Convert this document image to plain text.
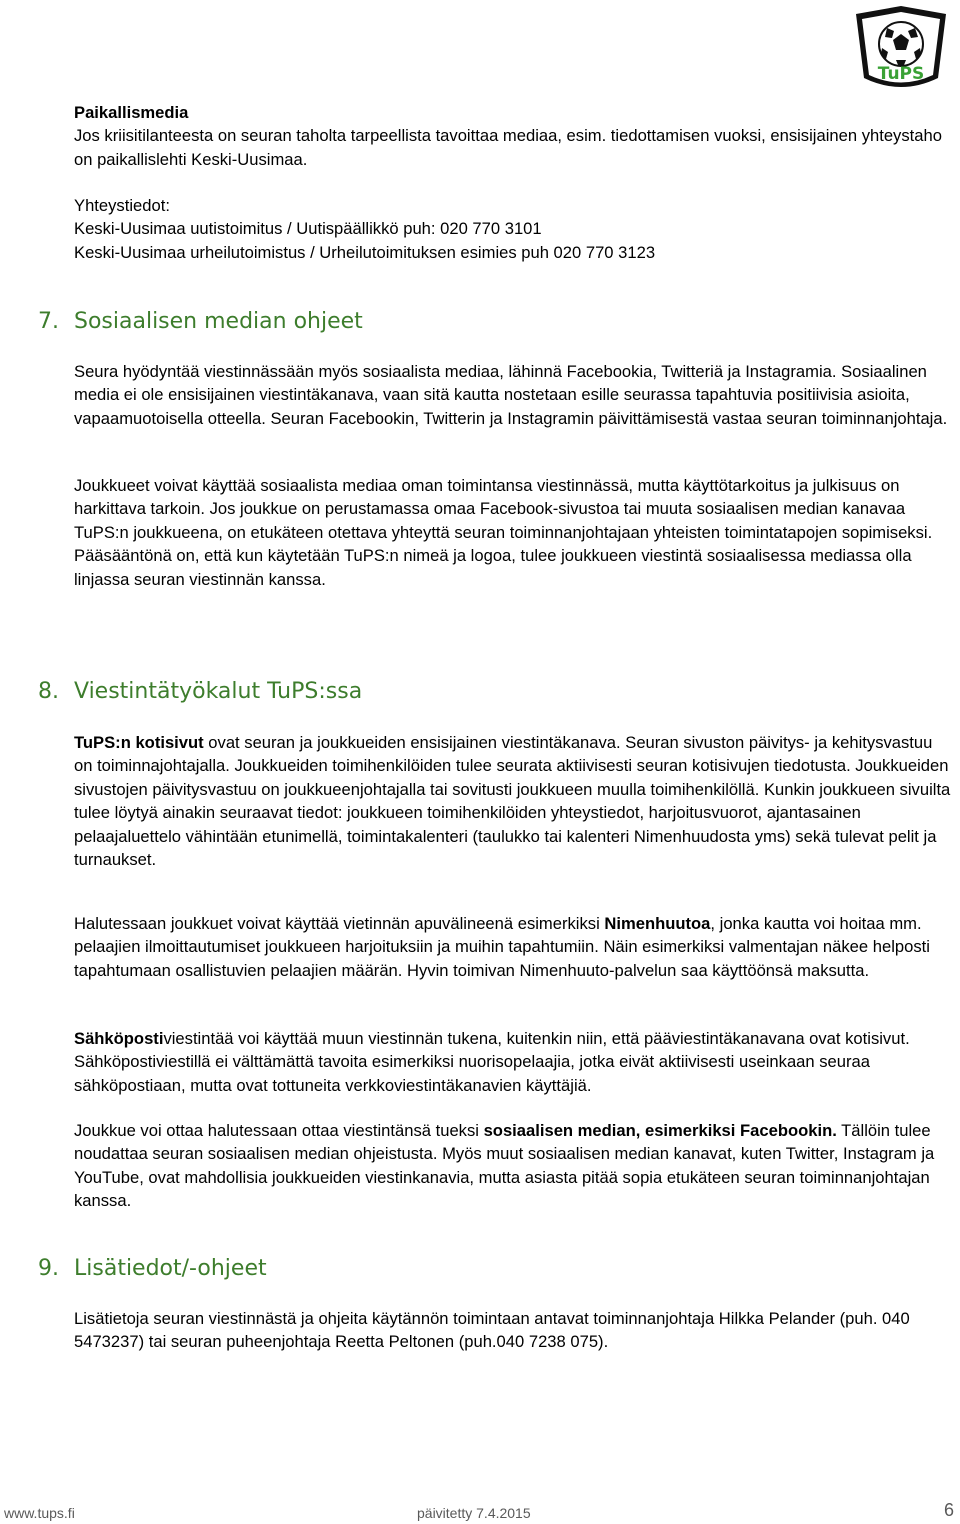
TuPS

Paikallismedia

Jos kriisitilanteesta on seuran taholta tarpeellista tavoittaa mediaa, esim. tiedottamisen vuoksi, ensisijainen yhteystaho on paikallislehti Keski-Uusimaa.

Yhteystiedot:

Keski-Uusimaa uutistoimitus / Uutispäällikkö puh: 020 770 3101

Keski-Uusimaa urheilutoimistus / Urheilutoimituksen esimies puh 020 770 3123

7. Sosiaalisen median ohjeet

Seura hyödyntää viestinnässään myös sosiaalista mediaa, lähinnä Facebookia, Twitteriä ja Instagramia. Sosiaalinen media ei ole ensisijainen viestintäkanava, vaan sitä kautta nostetaan esille seurassa tapahtuvia positiivisia asioita, vapaamuotoisella otteella. Seuran Facebookin, Twitterin ja Instagramin päivittämisestä vastaa seuran toiminnanjohtaja.

Joukkueet voivat käyttää sosiaalista mediaa oman toimintansa viestinnässä, mutta käyttötarkoitus ja julkisuus on harkittava tarkoin. Jos joukkue on perustamassa omaa Facebook-sivustoa tai muuta sosiaalisen median kanavaa TuPS:n joukkueena, on etukäteen otettava yhteyttä seuran toiminnanjohtajaan yhteisten toimintatapojen sopimiseksi. Pääsääntönä on, että kun käytetään TuPS:n nimeä ja logoa, tulee joukkueen viestintä sosiaalisessa mediassa olla linjassa seuran viestinnän kanssa.

8. Viestintätyökalut TuPS:ssa

TuPS:n kotisivut ovat seuran ja joukkueiden ensisijainen viestintäkanava. Seuran sivuston päivitys- ja kehitysvastuu on toiminnajohtajalla. Joukkueiden toimihenkilöiden tulee seurata aktiivisesti seuran kotisivujen tiedotusta. Joukkueiden sivustojen päivitysvastuu on joukkueenjohtajalla tai sovitusti joukkueen muulla toimihenkilöllä. Kunkin joukkueen sivuilta tulee löytyä ainakin seuraavat tiedot: joukkueen toimihenkilöiden yhteystiedot, harjoitusvuorot, ajantasainen pelaajaluettelo vähintään etunimellä, toimintakalenteri (taulukko tai kalenteri Nimenhuudosta yms) sekä tulevat pelit ja turnaukset.

Halutessaan joukkuet voivat käyttää vietinnän apuvälineenä esimerkiksi Nimenhuutoa, jonka kautta voi hoitaa mm. pelaajien ilmoittautumiset joukkueen harjoituksiin ja muihin tapahtumiin. Näin esimerkiksi valmentajan näkee helposti tapahtumaan osallistuvien pelaajien määrän. Hyvin toimivan Nimenhuuto-palvelun saa käyttöönsä maksutta.

Sähköpostiviestintää voi käyttää muun viestinnän tukena, kuitenkin niin, että pääviestintäkanavana ovat kotisivut. Sähköpostiviestillä ei välttämättä tavoita esimerkiksi nuorisopelaajia, jotka eivät aktiivisesti useinkaan seuraa sähköpostiaan, mutta ovat tottuneita verkkoviestintäkanavien käyttäjiä.

Joukkue voi ottaa halutessaan ottaa viestintänsä tueksi sosiaalisen median, esimerkiksi Facebookin. Tällöin tulee noudattaa seuran sosiaalisen median ohjeistusta. Myös muut sosiaalisen median kanavat, kuten Twitter, Instagram ja YouTube, ovat mahdollisia joukkueiden viestinkanavia, mutta asiasta pitää sopia etukäteen seuran toiminnanjohtajan kanssa.

9. Lisätiedot/-ohjeet

Lisätietoja seuran viestinnästä ja ohjeita käytännön toimintaan antavat toiminnanjohtaja Hilkka Pelander (puh. 040 5473237) tai seuran puheenjohtaja Reetta Peltonen (puh.040 7238 075).

www.tups.fi	päivitetty 7.4.2015	6
